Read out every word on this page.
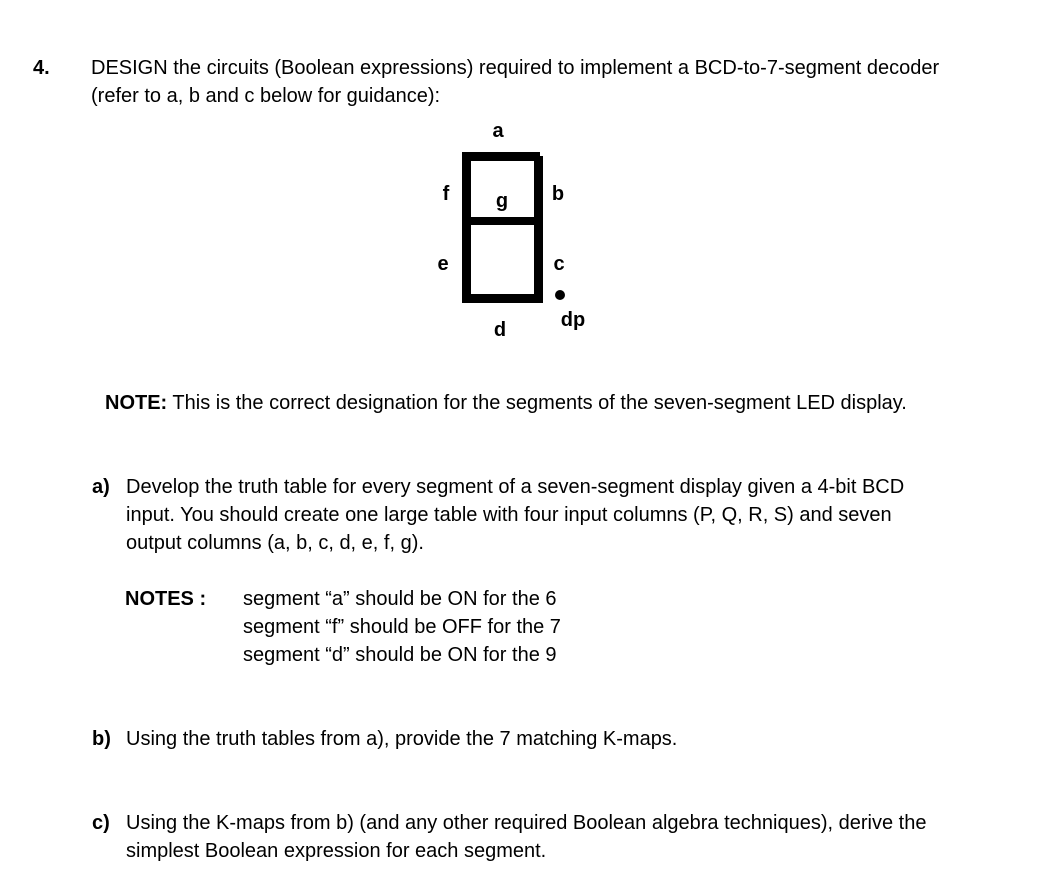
4. DESIGN the circuits (Boolean expressions) required to implement a BCD-to-7-segment decoder
(refer to a, b and c below for guidance):
a
f g b
e	c
d	dp
NOTE: This is the correct designation for the segments of the seven-segment LED display.
a) Develop the truth table for every segment of a seven-segment display given a 4-bit BCD
input. You should create one large table with four input columns (P, Q, R, S) and seven
output columns (a, b, c, d, e, f, g).
NOTES : segment “a” should be ON for the 6
segment “f” should be OFF for the 7
segment “d” should be ON for the 9
b) Using the truth tables from a), provide the 7 matching K-maps.
c) Using the K-maps from b) (and any other required Boolean algebra techniques), derive the
simplest Boolean expression for each segment.
